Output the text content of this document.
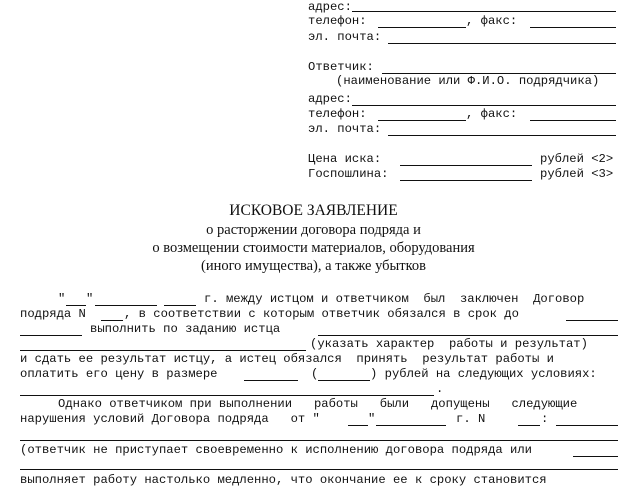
адрес:
телефон:	, факс:
эл. почта:
Ответчик:
(наименование или Ф.И.О. подрядчика)
адрес:
телефон:	, факс:
эл. почта:
Цена иска:	рублей <2>
Госпошлина:	рублей <3>
ИСКОВОЕ ЗАЯВЛЕНИЕ
о расторжении договора подряда и
о возмещении стоимости материалов, оборудования
(иного имущества), а также убытков
" "	г. между истцом и ответчиком  был  заключен  Договор
подряда N	, в соответствии с которым ответчик обязался в срок до
выполнить по заданию истца
(указать характер  работы и результат)
и сдать ее результат истцу, а истец обязался  принять  результат работы и
оплатить его цену в размере	(	) рублей на следующих условиях:
.
Однако ответчиком при выполнении   работы   были   допущены   следующие
нарушения условий Договора подряда   от "	"	г. N	:
(ответчик не приступает своевременно к исполнению договора подряда или
выполняет работу настолько медленно, что окончание ее к сроку становится
